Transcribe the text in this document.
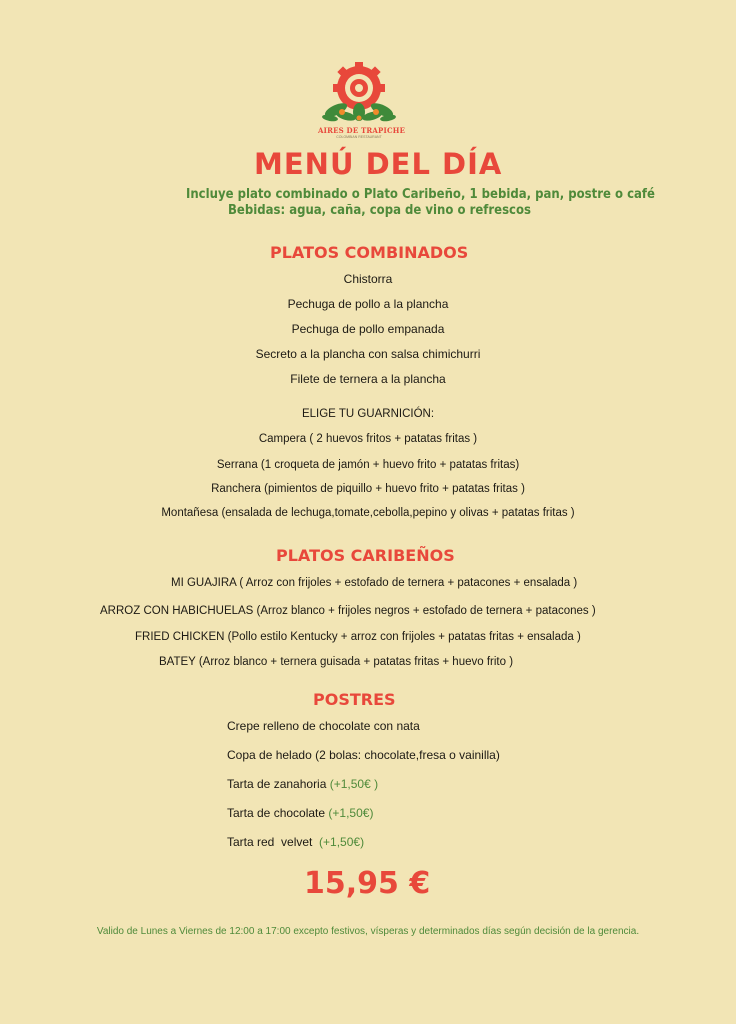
AIRES DE TRAPICHE
COLOMBIAN RESTAURANT
MENÚ DEL DÍA
Incluye plato combinado o Plato Caribeño, 1 bebida, pan, postre o café
Bebidas: agua, caña, copa de vino o refrescos
PLATOS COMBINADOS
Chistorra
Pechuga de pollo a la plancha
Pechuga de pollo empanada
Secreto a la plancha con salsa chimichurri
Filete de ternera a la plancha
ELIGE TU GUARNICIÓN:
Campera ( 2 huevos fritos + patatas fritas )
Serrana (1 croqueta de jamón + huevo frito + patatas fritas)
Ranchera (pimientos de piquillo + huevo frito + patatas fritas )
Montañesa (ensalada de lechuga,tomate,cebolla,pepino y olivas + patatas fritas )
PLATOS CARIBEÑOS
MI GUAJIRA ( Arroz con frijoles + estofado de ternera + patacones + ensalada )
ARROZ CON HABICHUELAS (Arroz blanco + frijoles negros + estofado de ternera + patacones )
FRIED CHICKEN (Pollo estilo Kentucky + arroz con frijoles + patatas fritas + ensalada )
BATEY (Arroz blanco + ternera guisada + patatas fritas + huevo frito )
POSTRES
Crepe relleno de chocolate con nata
Copa de helado (2 bolas: chocolate,fresa o vainilla)
Tarta de zanahoria (+1,50€ )
Tarta de chocolate (+1,50€)
Tarta red  velvet  (+1,50€)
15,95 €
Valido de Lunes a Viernes de 12:00 a 17:00 excepto festivos, vísperas y determinados días según decisión de la gerencia.
